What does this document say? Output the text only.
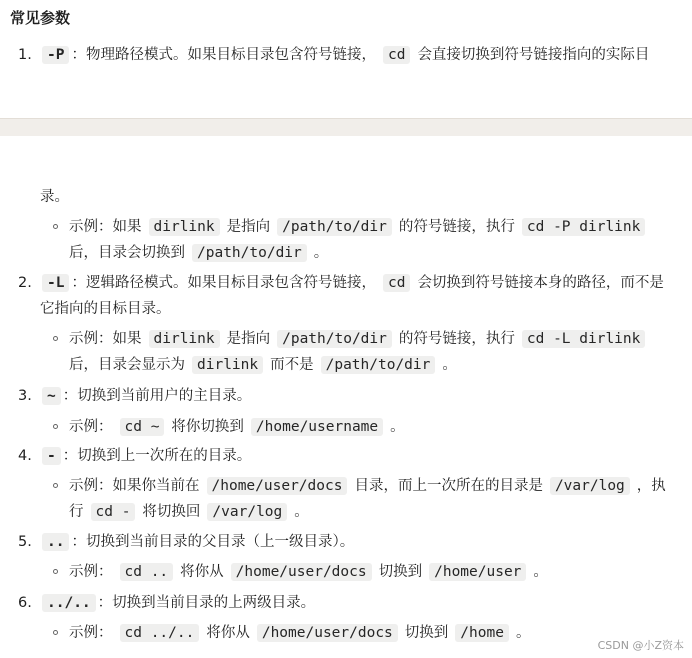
常见参数
1.	-P ：物理路径模式。如果目标目录包含符号链接， cd 会直接切换到符号链接指向的实际目
录。
示例：如果 dirlink 是指向 /path/to/dir 的符号链接，执行 cd -P dirlink
后，目录会切换到 /path/to/dir 。
2.	-L ：逻辑路径模式。如果目标目录包含符号链接， cd 会切换到符号链接本身的路径，而不是
它指向的目标目录。
示例：如果 dirlink 是指向 /path/to/dir 的符号链接，执行 cd -L dirlink
后，目录会显示为 dirlink 而不是 /path/to/dir 。
3.	~ ：切换到当前用户的主目录。
示例： cd ~ 将你切换到 /home/username 。
4.	- ：切换到上一次所在的目录。
示例：如果你当前在 /home/user/docs 目录，而上一次所在的目录是 /var/log ，执
行 cd - 将切换回 /var/log 。
5.	.. ：切换到当前目录的父目录（上一级目录）。
示例： cd .. 将你从 /home/user/docs 切换到 /home/user 。
6.	../.. ：切换到当前目录的上两级目录。
示例： cd ../.. 将你从 /home/user/docs 切换到 /home 。
CSDN @小Z资本
